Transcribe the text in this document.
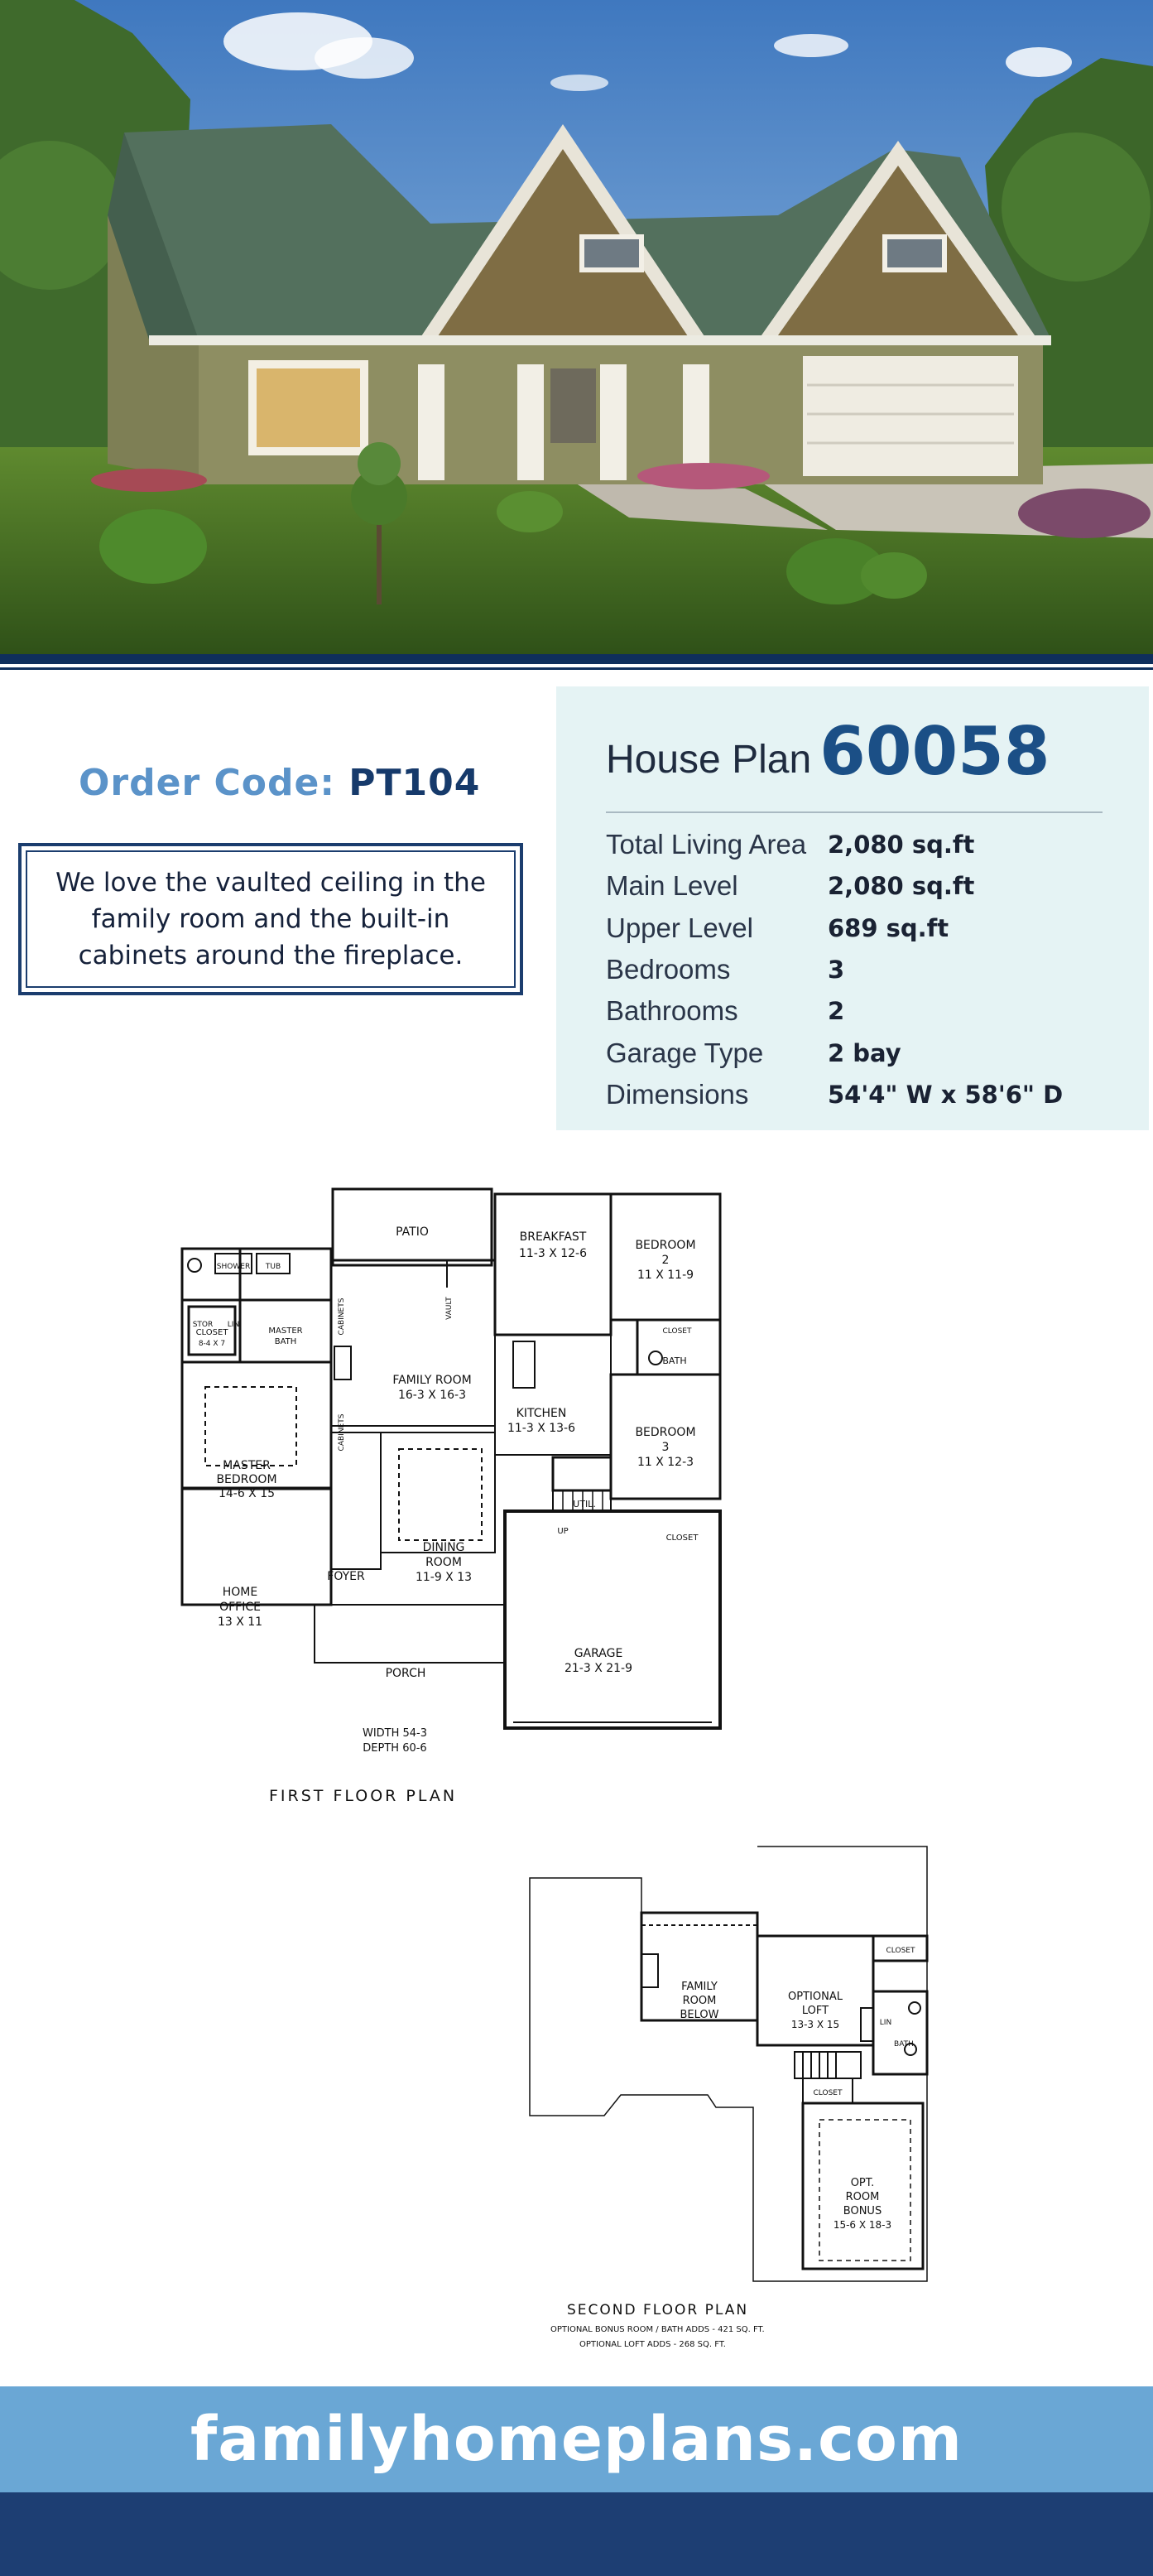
Order Code: PT104
We love the vaulted ceiling in the family room and the built-in cabinets around the fireplace.
House Plan 60058
Total Living Area 2,080 sq.ft
Main Level	2,080 sq.ft
Upper Level	689 sq.ft
Bedrooms	3
Bathrooms	2
Garage Type	2 bay
Dimensions	54'4" W x 58'6" D
PATIO	BREAKFAST
11-3 X 12-6
BEDROOM
2
11 X 11-9
SHOWER TUB
STOR LIN
MASTER
BATH
CLOSET
8-4 X 7
FAMILY ROOM
16-3 X 16-3
VAULT
CABINETS
CABINETS
KITCHEN
11-3 X 13-6
BATH
CLOSET
MASTER
BEDROOM
14-6 X 15
BEDROOM
3
11 X 12-3
UTIL.
CLOSET
DINING
ROOM
11-9 X 13
FOYER
HOME
OFFICE
13 X 11
PORCH
GARAGE
21-3 X 21-9
UP
WIDTH 54-3
DEPTH 60-6
FIRST FLOOR PLAN
FAMILY
ROOM
BELOW
OPTIONAL
LOFT
13-3 X 15
CLOSET
BATH
LIN
CLOSET
OPT.
ROOM
BONUS
15-6 X 18-3
SECOND FLOOR PLAN
OPTIONAL BONUS ROOM / BATH ADDS - 421 SQ. FT.
OPTIONAL LOFT ADDS - 268 SQ. FT.
familyhomeplans.com
